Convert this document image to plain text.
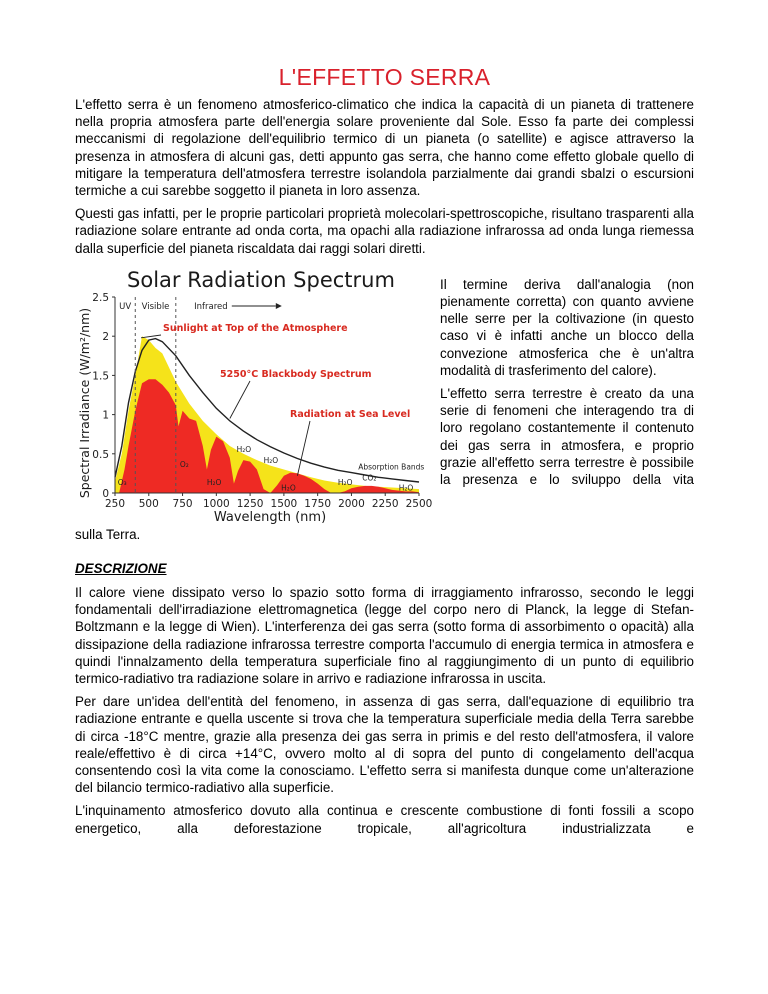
L'EFFETTO SERRA

L'effetto serra è un fenomeno atmosferico-climatico che indica la capacità di un pianeta di trattenere nella propria atmosfera parte dell'energia solare proveniente dal Sole. Esso fa parte dei complessi meccanismi di regolazione dell'equilibrio termico di un pianeta (o satellite) e agisce attraverso la presenza in atmosfera di alcuni gas, detti appunto gas serra, che hanno come effetto globale quello di mitigare la temperatura dell'atmosfera terrestre isolandola parzialmente dai grandi sbalzi o escursioni termiche a cui sarebbe soggetto il pianeta in loro assenza.

Questi gas infatti, per le proprie particolari proprietà molecolari-spettroscopiche, risultano trasparenti alla radiazione solare entrante ad onda corta, ma opachi alla radiazione infrarossa ad onda lunga riemessa dalla superficie del pianeta riscaldata dai raggi solari diretti.

Solar Radiation Spectrum
Spectral Irradiance (W/m²/nm)
Wavelength (nm)
0
0.5
1
1.5
2
2.5
250 500 750 1000 1250 1500 1750 2000 2250 2500
UV Visible	Infrared
Sunlight at Top of the Atmosphere
5250°C Blackbody Spectrum
Radiation at Sea Level
H₂O
H₂O
O₂
H₂O
O₃	H₂O
Absorption Bands
H₂O
CO₂
H₂O

Il termine deriva dall'analogia (non pienamente corretta) con quanto avviene nelle serre per la coltivazione (in questo caso vi è infatti anche un blocco della convezione atmosferica che è un'altra modalità di trasferimento del calore).

L'effetto serra terrestre è creato da una serie di fenomeni che interagendo tra di loro regolano costantemente il contenuto dei gas serra in atmosfera, e proprio grazie all'effetto serra terrestre è possibile la presenza e lo sviluppo della vita

sulla Terra.
DESCRIZIONE

Il calore viene dissipato verso lo spazio sotto forma di irraggiamento infrarosso, secondo le leggi fondamentali dell'irradiazione elettromagnetica (legge del corpo nero di Planck, la legge di Stefan-Boltzmann e la legge di Wien). L'interferenza dei gas serra (sotto forma di assorbimento o opacità) alla dissipazione della radiazione infrarossa terrestre comporta l'accumulo di energia termica in atmosfera e quindi l'innalzamento della temperatura superficiale fino al raggiungimento di un punto di equilibrio termico-radiativo tra radiazione solare in arrivo e radiazione infrarossa in uscita.

Per dare un'idea dell'entità del fenomeno, in assenza di gas serra, dall'equazione di equilibrio tra radiazione entrante e quella uscente si trova che la temperatura superficiale media della Terra sarebbe di circa -18°C mentre, grazie alla presenza dei gas serra in primis e del resto dell'atmosfera, il valore reale/effettivo è di circa +14°C, ovvero molto al di sopra del punto di congelamento dell'acqua consentendo così la vita come la conosciamo. L'effetto serra si manifesta dunque come un'alterazione del bilancio termico-radiativo alla superficie.

L'inquinamento atmosferico dovuto alla continua e crescente combustione di fonti fossili a scopo energetico, alla deforestazione tropicale, all'agricoltura industrializzata e
